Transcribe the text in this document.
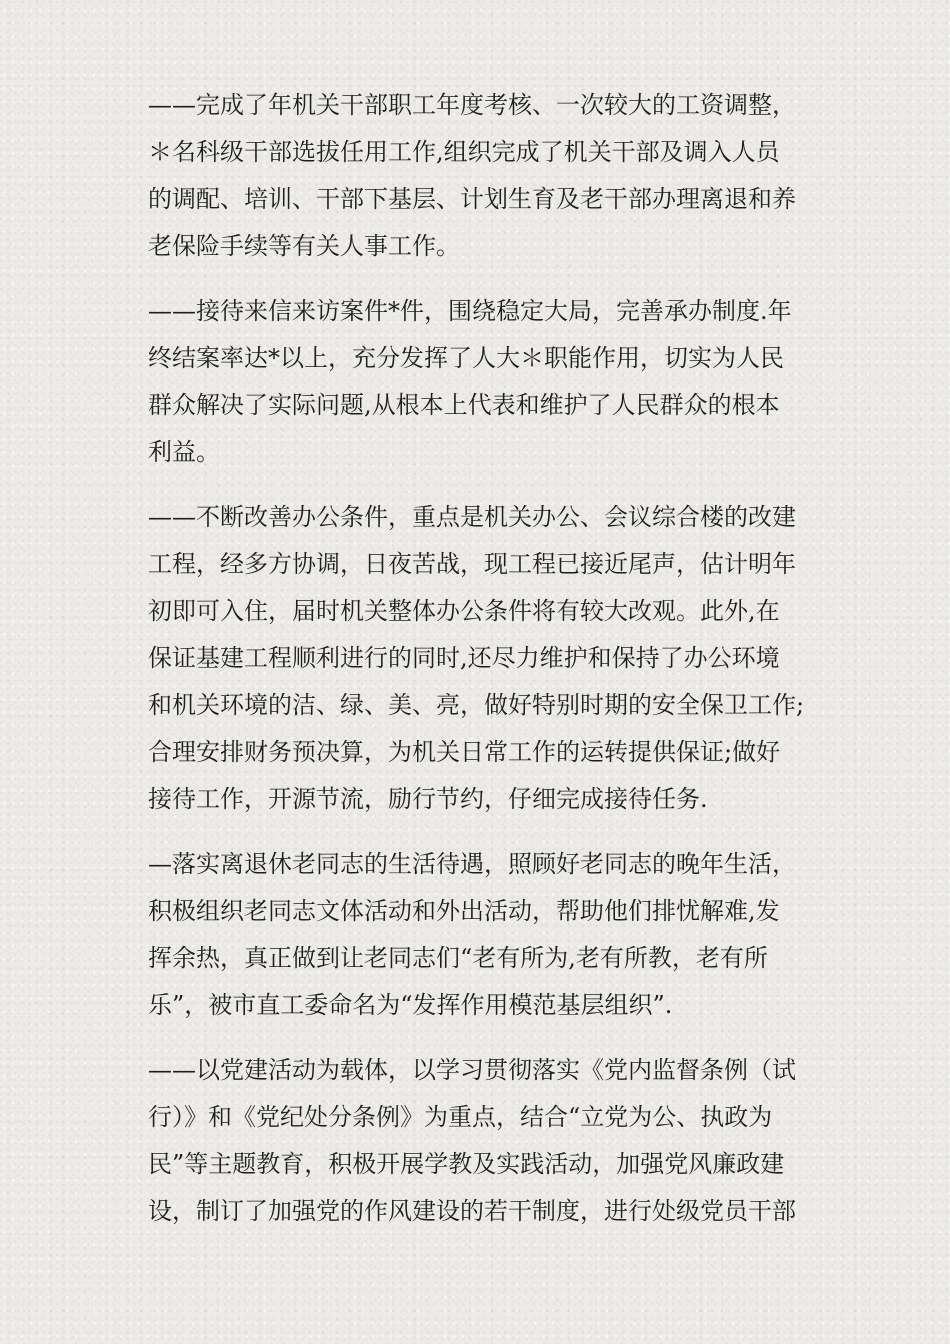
——完成了年机关干部职工年度考核、一次较大的工资调整，
＊名科级干部选拔任用工作,组织完成了机关干部及调入人员
的调配、培训、干部下基层、计划生育及老干部办理离退和养
老保险手续等有关人事工作。
——接待来信来访案件*件，围绕稳定大局，完善承办制度.年
终结案率达*以上，充分发挥了人大＊职能作用，切实为人民
群众解决了实际问题,从根本上代表和维护了人民群众的根本
利益。
——不断改善办公条件，重点是机关办公、会议综合楼的改建
工程，经多方协调，日夜苦战，现工程已接近尾声，估计明年
初即可入住，届时机关整体办公条件将有较大改观。此外,在
保证基建工程顺利进行的同时,还尽力维护和保持了办公环境
和机关环境的洁、绿、美、亮，做好特别时期的安全保卫工作;
合理安排财务预决算，为机关日常工作的运转提供保证;做好
接待工作，开源节流，励行节约，仔细完成接待任务.
—落实离退休老同志的生活待遇，照顾好老同志的晚年生活，
积极组织老同志文体活动和外出活动，帮助他们排忧解难,发
挥余热，真正做到让老同志们“老有所为,老有所教，老有所
乐”，被市直工委命名为“发挥作用模范基层组织”.
——以党建活动为载体，以学习贯彻落实《党内监督条例（试
行）》和《党纪处分条例》为重点，结合“立党为公、执政为
民”等主题教育，积极开展学教及实践活动，加强党风廉政建
设，制订了加强党的作风建设的若干制度，进行处级党员干部
